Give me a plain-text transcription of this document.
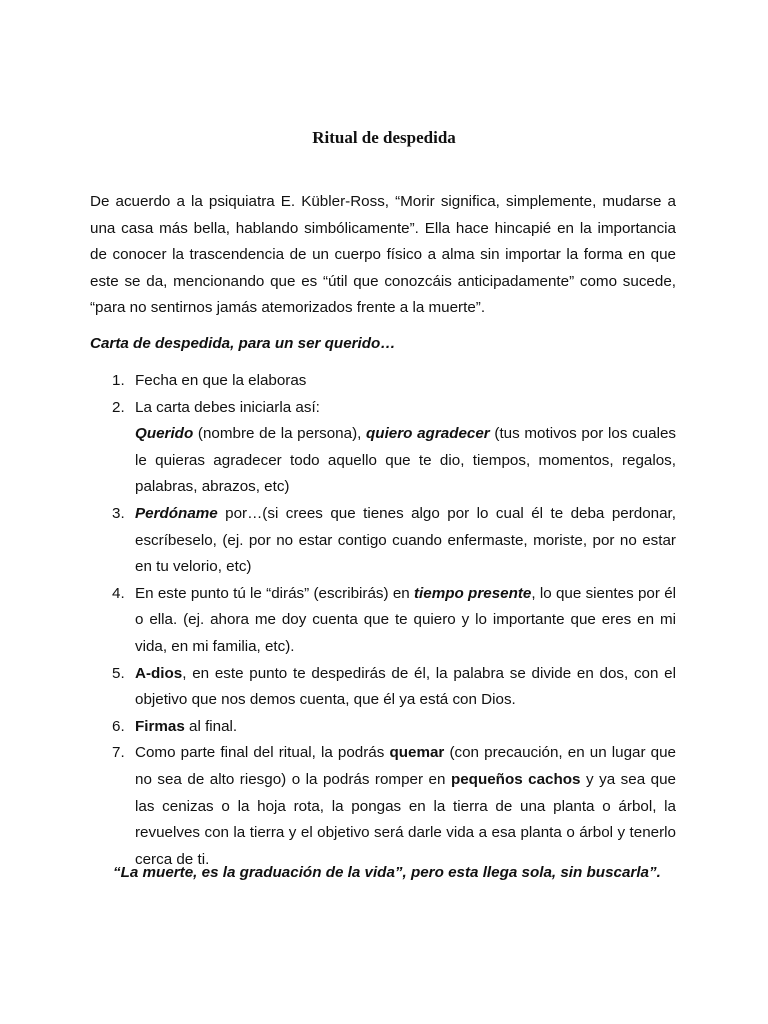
Ritual de despedida

De acuerdo a la psiquiatra E. Kübler-Ross, “Morir significa, simplemente, mudarse a una casa más bella, hablando simbólicamente”. Ella hace hincapié en la importancia de conocer la trascendencia de un cuerpo físico a alma sin importar la forma en que este se da, mencionando que es “útil que conozcáis anticipadamente” como sucede, “para no sentirnos jamás atemorizados frente a la muerte”.

Carta de despedida, para un ser querido…

1. Fecha en que la elaboras
2. La carta debes iniciarla así:
Querido (nombre de la persona), quiero agradecer (tus motivos por los cuales le quieras agradecer todo aquello que te dio, tiempos, momentos, regalos, palabras, abrazos, etc)
3. Perdóname por…(si crees que tienes algo por lo cual él te deba perdonar, escríbeselo, (ej. por no estar contigo cuando enfermaste, moriste, por no estar en tu velorio, etc)
4. En este punto tú le “dirás” (escribirás) en tiempo presente, lo que sientes por él o ella. (ej. ahora me doy cuenta que te quiero y lo importante que eres en mi vida, en mi familia, etc).
5. A-dios, en este punto te despedirás de él, la palabra se divide en dos, con el objetivo que nos demos cuenta, que él ya está con Dios.
6. Firmas al final.
7. Como parte final del ritual, la podrás quemar (con precaución, en un lugar que no sea de alto riesgo) o la podrás romper en pequeños cachos y ya sea que las cenizas o la hoja rota, la pongas en la tierra de una planta o árbol, la revuelves con la tierra y el objetivo será darle vida a esa planta o árbol y tenerlo cerca de ti.

“La muerte, es la graduación de la vida”, pero esta llega sola, sin buscarla”.
